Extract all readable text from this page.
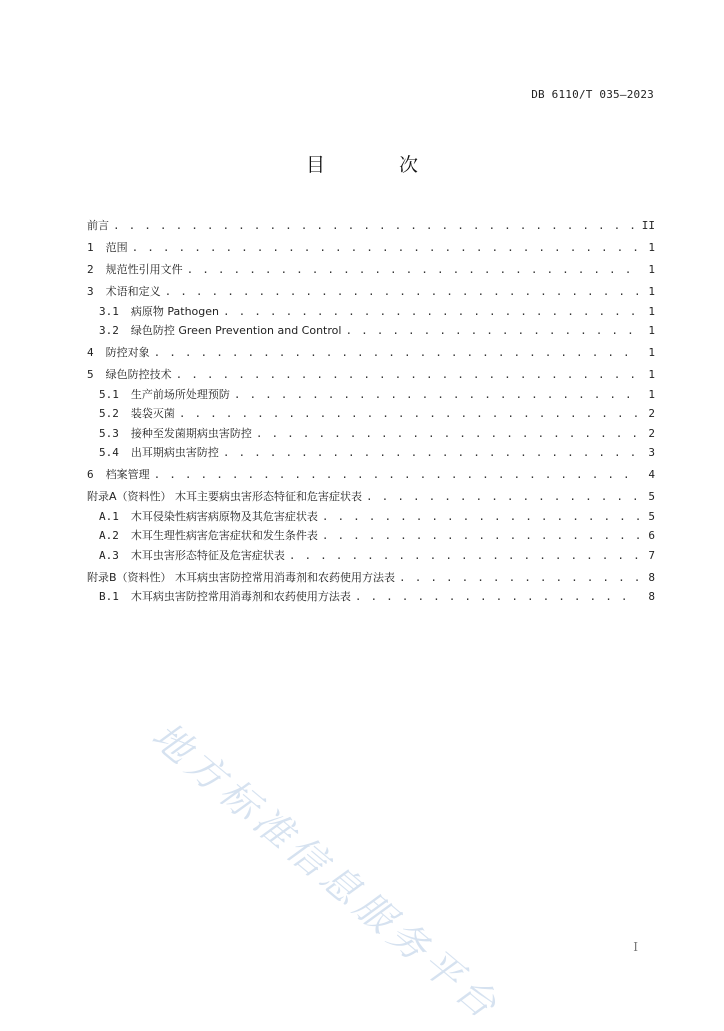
DB 6110/T 035—2023
目 次
前言 . . .	II
1 范围 . . .	1
2 规范性引用文件 . . .	1
3 术语和定义 . . .	1
3.1 病原物 Pathogen . . .	1
3.2 绿色防控 Green Prevention and Control . . .	1
4 防控对象 . . .	1
5 绿色防控技术 . . .	1
5.1 生产前场所处理预防 . . .	1
5.2 装袋灭菌 . . .	2
5.3 接种至发菌期病虫害防控 . . .	2
5.4 出耳期病虫害防控 . . .	3
6 档案管理 . . .	4
附录A（资料性） 木耳主要病虫害形态特征和危害症状表 . . .	5
A.1 木耳侵染性病害病原物及其危害症状表 . . .	5
A.2 木耳生理性病害危害症状和发生条件表 . . .	6
A.3 木耳虫害形态特征及危害症状表 . . .	7
附录B（资料性） 木耳病虫害防控常用消毒剂和农药使用方法表 . . .	8
B.1 木耳病虫害防控常用消毒剂和农药使用方法表 . . .	8
地方标准信息服务平台	I
